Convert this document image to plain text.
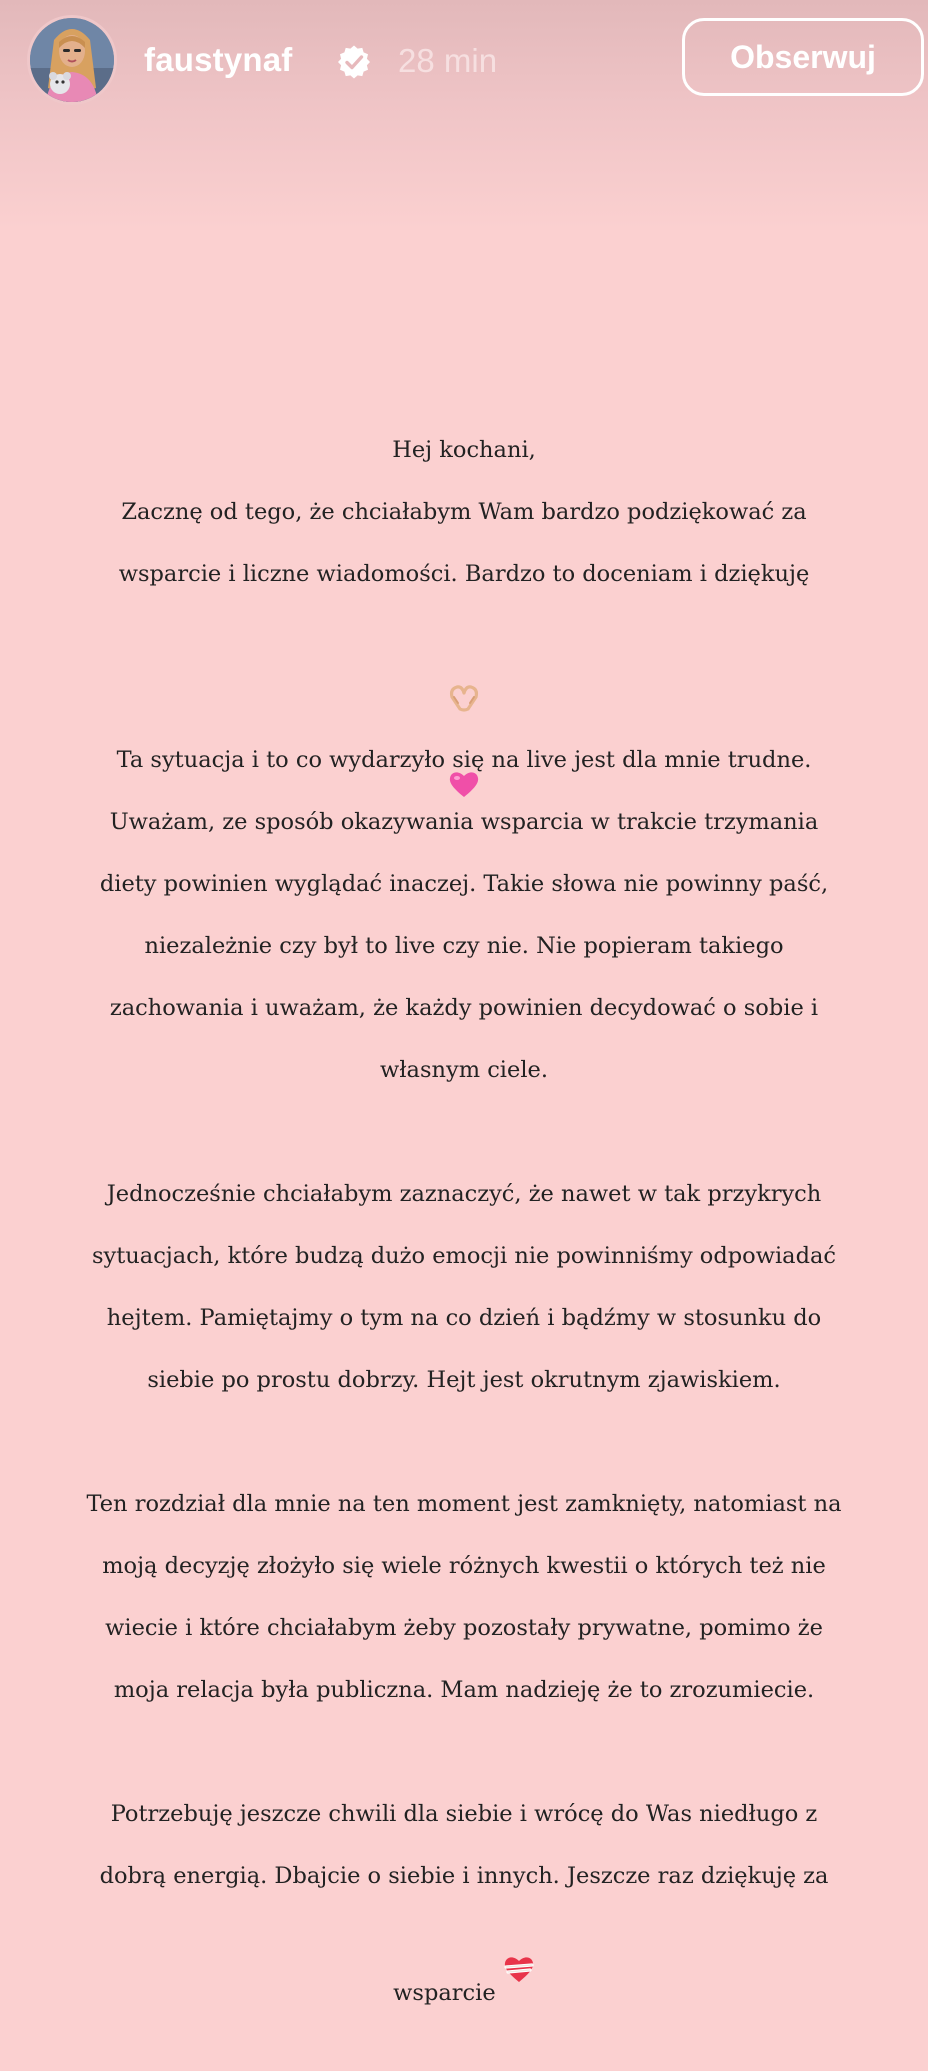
faustynaf	28 min	Obserwuj

Hej kochani,

Zacznę od tego, że chciałabym Wam bardzo podziękować za

wsparcie i liczne wiadomości. Bardzo to doceniam i dziękuję

Ta sytuacja i to co wydarzyło się na live jest dla mnie trudne.

Uważam, ze sposób okazywania wsparcia w trakcie trzymania

diety powinien wyglądać inaczej. Takie słowa nie powinny paść,

niezależnie czy był to live czy nie. Nie popieram takiego

zachowania i uważam, że każdy powinien decydować o sobie i

własnym ciele.

Jednocześnie chciałabym zaznaczyć, że nawet w tak przykrych

sytuacjach, które budzą dużo emocji nie powinniśmy odpowiadać

hejtem. Pamiętajmy o tym na co dzień i bądźmy w stosunku do

siebie po prostu dobrzy. Hejt jest okrutnym zjawiskiem.

Ten rozdział dla mnie na ten moment jest zamknięty, natomiast na

moją decyzję złożyło się wiele różnych kwestii o których też nie

wiecie i które chciałabym żeby pozostały prywatne, pomimo że

moja relacja była publiczna. Mam nadzieję że to zrozumiecie.

Potrzebuję jeszcze chwili dla siebie i wrócę do Was niedługo z

dobrą energią. Dbajcie o siebie i innych. Jeszcze raz dziękuję za

wsparcie
